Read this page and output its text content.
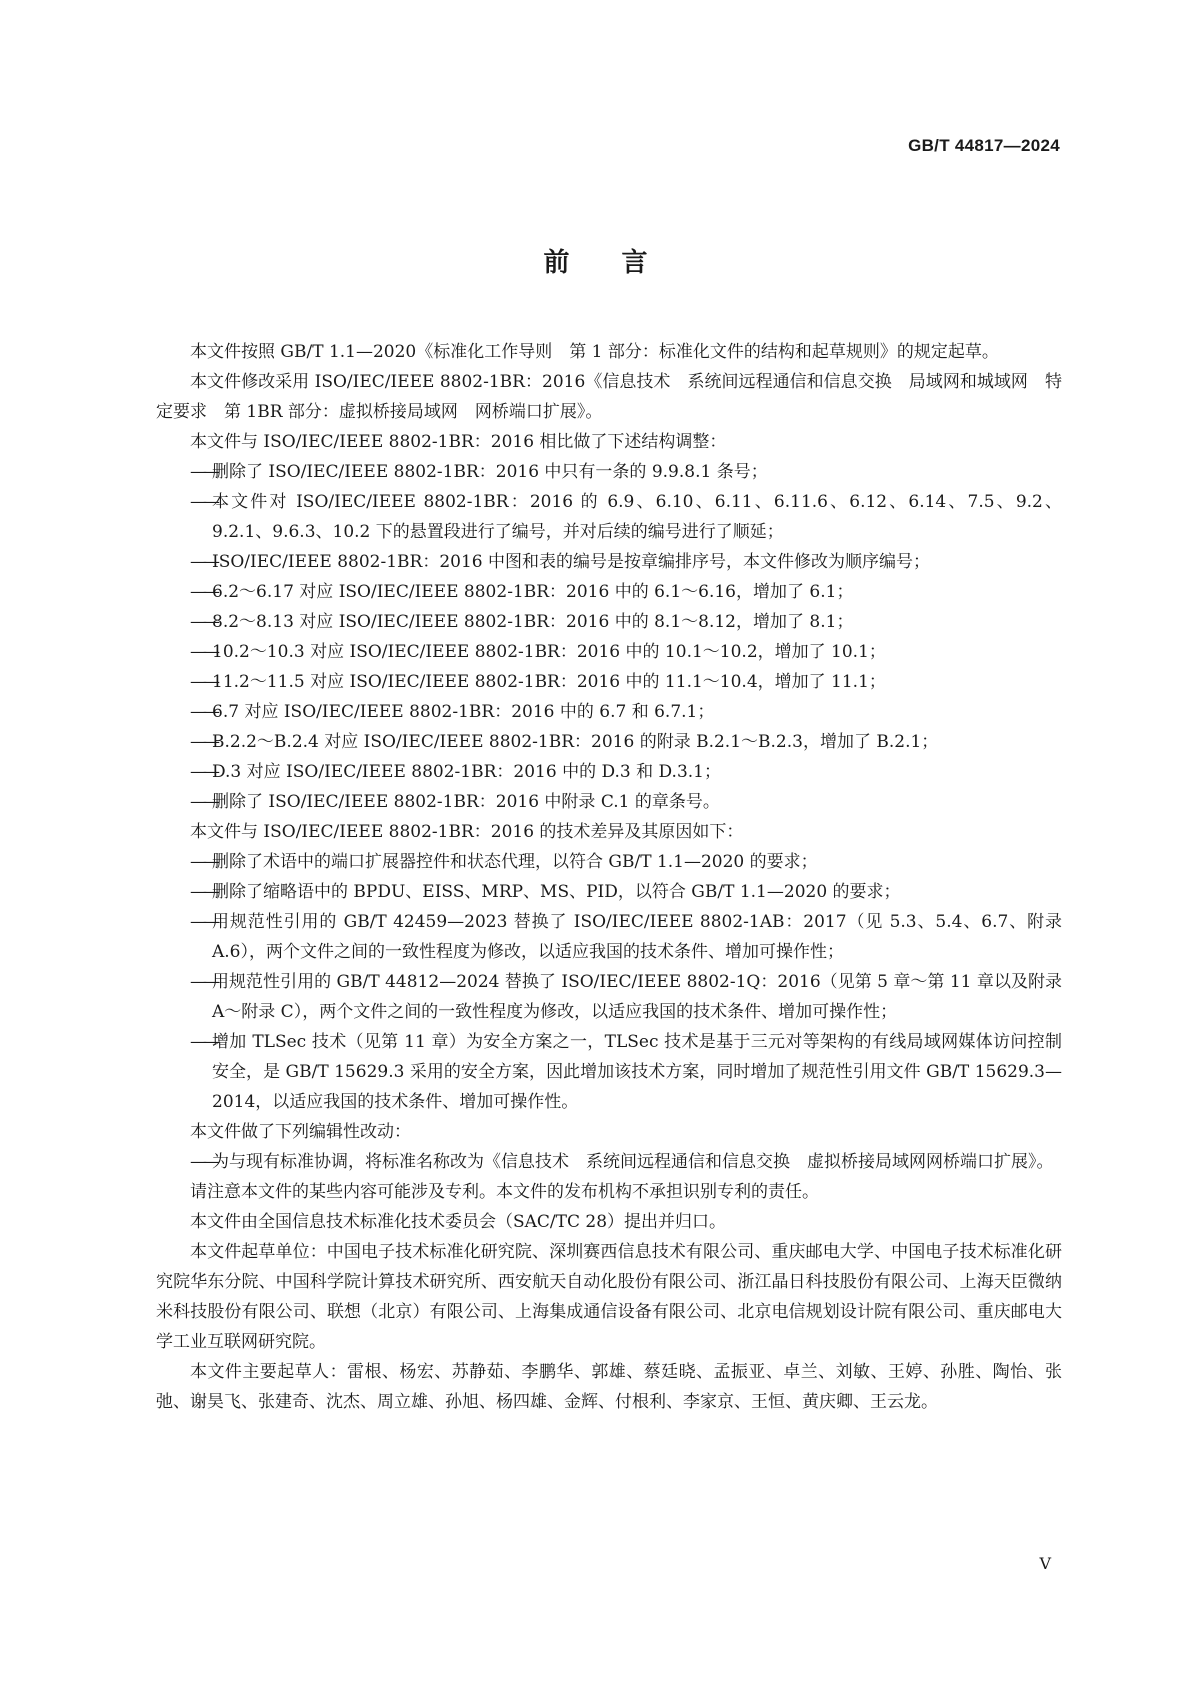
GB/T 44817—2024
前言

本文件按照 GB/T 1.1—2020《标准化工作导则　第 1 部分：标准化文件的结构和起草规则》的规定起草。

本文件修改采用 ISO/IEC/IEEE 8802-1BR：2016《信息技术　系统间远程通信和信息交换　局域网和城域网　特定要求　第 1BR 部分：虚拟桥接局域网　网桥端口扩展》。

本文件与 ISO/IEC/IEEE 8802-1BR：2016 相比做了下述结构调整：

—— 删除了 ISO/IEC/IEEE 8802-1BR：2016 中只有一条的 9.9.8.1 条号；

—— 本文件对 ISO/IEC/IEEE 8802-1BR：2016 的 6.9、6.10、6.11、6.11.6、6.12、6.14、7.5、9.2、9.2.1、9.6.3、10.2 下的悬置段进行了编号，并对后续的编号进行了顺延；

—— ISO/IEC/IEEE 8802-1BR：2016 中图和表的编号是按章编排序号，本文件修改为顺序编号；

—— 6.2～6.17 对应 ISO/IEC/IEEE 8802-1BR：2016 中的 6.1～6.16，增加了 6.1；

—— 8.2～8.13 对应 ISO/IEC/IEEE 8802-1BR：2016 中的 8.1～8.12，增加了 8.1；

—— 10.2～10.3 对应 ISO/IEC/IEEE 8802-1BR：2016 中的 10.1～10.2，增加了 10.1；

—— 11.2～11.5 对应 ISO/IEC/IEEE 8802-1BR：2016 中的 11.1～10.4，增加了 11.1；

—— 6.7 对应 ISO/IEC/IEEE 8802-1BR：2016 中的 6.7 和 6.7.1；

—— B.2.2～B.2.4 对应 ISO/IEC/IEEE 8802-1BR：2016 的附录 B.2.1～B.2.3，增加了 B.2.1；

—— D.3 对应 ISO/IEC/IEEE 8802-1BR：2016 中的 D.3 和 D.3.1；

—— 删除了 ISO/IEC/IEEE 8802-1BR：2016 中附录 C.1 的章条号。

本文件与 ISO/IEC/IEEE 8802-1BR：2016 的技术差异及其原因如下：

—— 删除了术语中的端口扩展器控件和状态代理，以符合 GB/T 1.1—2020 的要求；

—— 删除了缩略语中的 BPDU、EISS、MRP、MS、PID，以符合 GB/T 1.1—2020 的要求；

—— 用规范性引用的 GB/T 42459—2023 替换了 ISO/IEC/IEEE 8802-1AB：2017（见 5.3、5.4、6.7、附录 A.6），两个文件之间的一致性程度为修改，以适应我国的技术条件、增加可操作性；

—— 用规范性引用的 GB/T 44812—2024 替换了 ISO/IEC/IEEE 8802-1Q：2016（见第 5 章～第 11 章以及附录 A～附录 C），两个文件之间的一致性程度为修改，以适应我国的技术条件、增加可操作性；

—— 增加 TLSec 技术（见第 11 章）为安全方案之一，TLSec 技术是基于三元对等架构的有线局域网媒体访问控制安全，是 GB/T 15629.3 采用的安全方案，因此增加该技术方案，同时增加了规范性引用文件 GB/T 15629.3—2014，以适应我国的技术条件、增加可操作性。

本文件做了下列编辑性改动：

—— 为与现有标准协调，将标准名称改为《信息技术　系统间远程通信和信息交换　虚拟桥接局域网网桥端口扩展》。

请注意本文件的某些内容可能涉及专利。本文件的发布机构不承担识别专利的责任。

本文件由全国信息技术标准化技术委员会（SAC/TC 28）提出并归口。

本文件起草单位：中国电子技术标准化研究院、深圳赛西信息技术有限公司、重庆邮电大学、中国电子技术标准化研究院华东分院、中国科学院计算技术研究所、西安航天自动化股份有限公司、浙江晶日科技股份有限公司、上海天臣微纳米科技股份有限公司、联想（北京）有限公司、上海集成通信设备有限公司、北京电信规划设计院有限公司、重庆邮电大学工业互联网研究院。

本文件主要起草人：雷根、杨宏、苏静茹、李鹏华、郭雄、蔡廷晓、孟振亚、卓兰、刘敏、王婷、孙胜、陶怡、张弛、谢昊飞、张建奇、沈杰、周立雄、孙旭、杨四雄、金辉、付根利、李家京、王恒、黄庆卿、王云龙。

V
